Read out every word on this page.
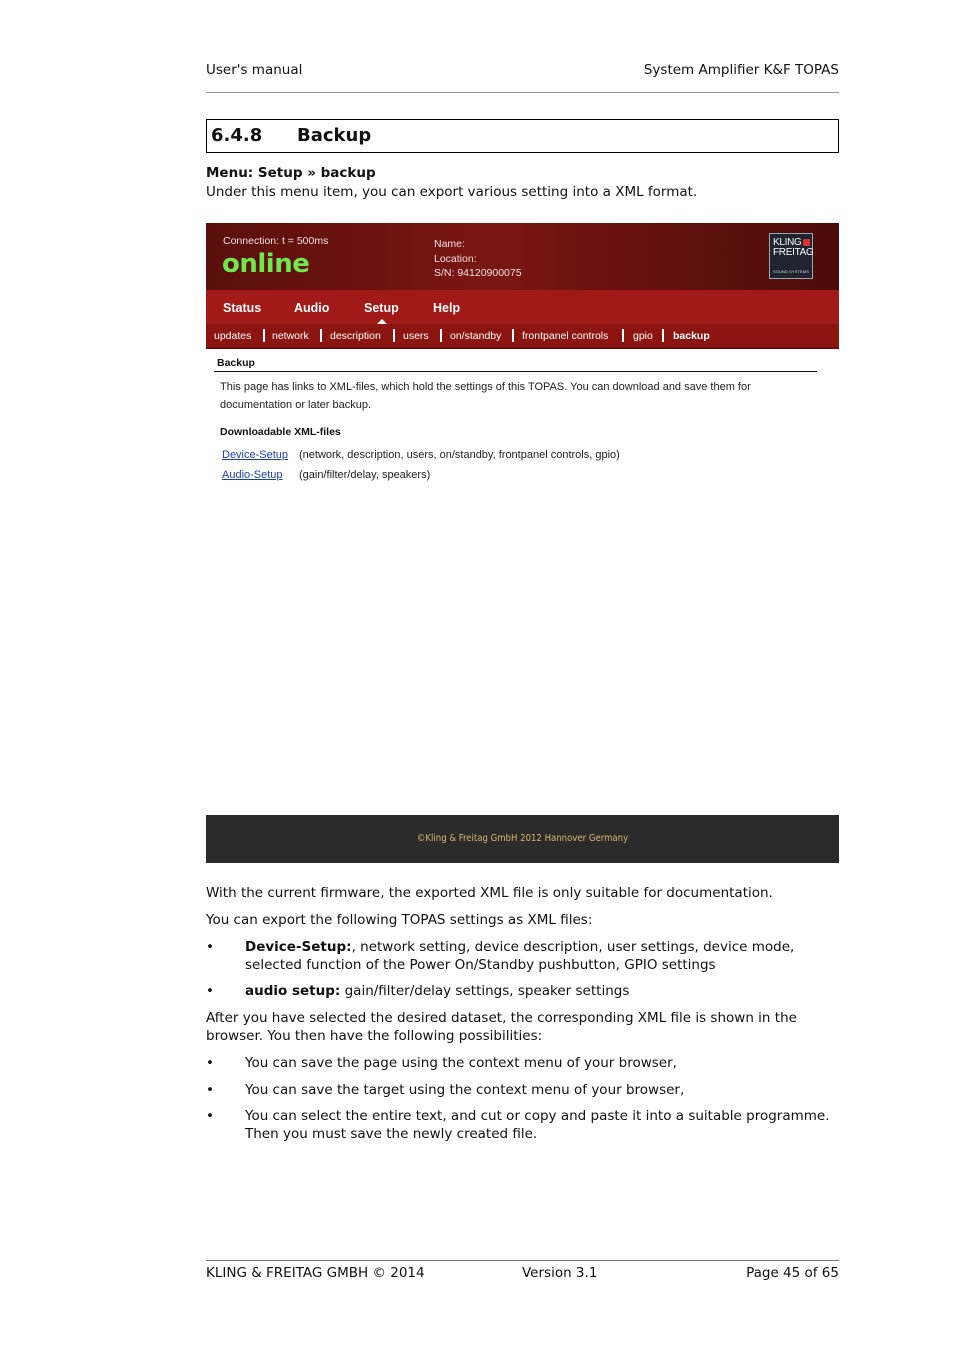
User's manual	System Amplifier K&F TOPAS
6.4.8 Backup
Menu: Setup » backup
Under this menu item, you can export various setting into a XML format.
Connection: t = 500ms
online
Name:
Location:
S/N: 94120900075
KLING
FREITAG
SOUND SYSTEMS
Status	Audio	Setup	Help
updates network description users on/standby frontpanel controls gpio backup
Backup
This page has links to XML-files, which hold the settings of this TOPAS. You can download and save them for documentation or later backup.
Downloadable XML-files
Device-Setup (network, description, users, on/standby, frontpanel controls, gpio)
Audio-Setup (gain/filter/delay, speakers)
©Kling & Freitag GmbH 2012 Hannover Germany
With the current firmware, the exported XML file is only suitable for documentation.
You can export the following TOPAS settings as XML files:
• Device-Setup:, network setting, device description, user settings, device mode, selected function of the Power On/Standby pushbutton, GPIO settings
• audio setup: gain/filter/delay settings, speaker settings
After you have selected the desired dataset, the corresponding XML file is shown in the browser. You then have the following possibilities:
• You can save the page using the context menu of your browser,
• You can save the target using the context menu of your browser,
• You can select the entire text, and cut or copy and paste it into a suitable programme. Then you must save the newly created file.
KLING & FREITAG GMBH © 2014	Version 3.1	Page 45 of 65
